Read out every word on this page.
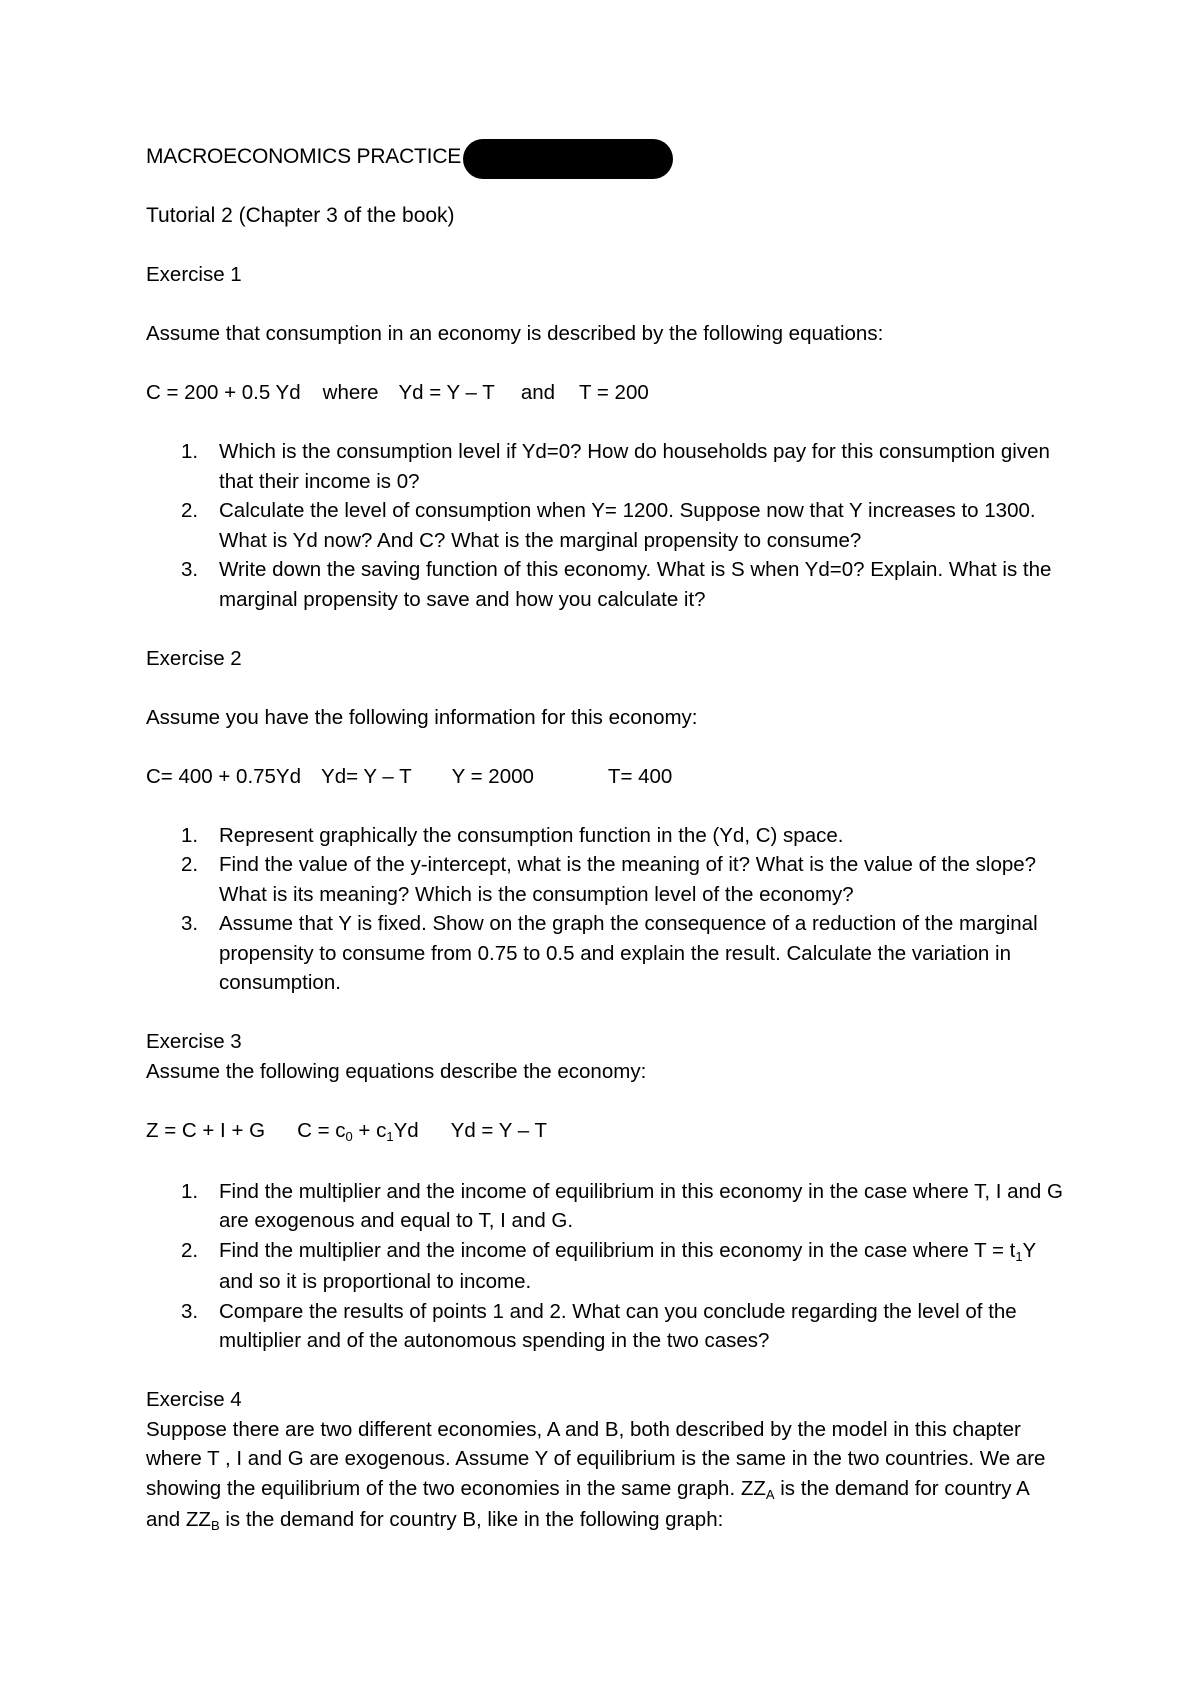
MACROECONOMICS PRACTICE

Tutorial 2 (Chapter 3 of the book)

Exercise 1

Assume that consumption in an economy is described by the following equations:

C = 200 + 0.5 Yd where Yd = Y – T and T = 200

1.	Which is the consumption level if Yd=0? How do households pay for this consumption given that their income is 0?
2.	Calculate the level of consumption when Y= 1200. Suppose now that Y increases to 1300. What is Yd now? And C? What is the marginal propensity to consume?
3.	Write down the saving function of this economy. What is S when Yd=0? Explain. What is the marginal propensity to save and how you calculate it?

Exercise 2

Assume you have the following information for this economy:

C= 400 + 0.75Yd Yd= Y – T Y = 2000	T= 400

1.	Represent graphically the consumption function in the (Yd, C) space.
2.	Find the value of the y-intercept, what is the meaning of it? What is the value of the slope? What is its meaning? Which is the consumption level of the economy?
3.	Assume that Y is fixed. Show on the graph the consequence of a reduction of the marginal propensity to consume from 0.75 to 0.5 and explain the result. Calculate the variation in consumption.

Exercise 3

Assume the following equations describe the economy:

Z = C + I + G $C = c_0 + c_1Yd$ Yd = Y – T

1.	Find the multiplier and the income of equilibrium in this economy in the case where T, I and G are exogenous and equal to T, I and G.
2.	Find the multiplier and the income of equilibrium in this economy in the case where $T = t_1Y$ and so it is proportional to income.
3.	Compare the results of points 1 and 2. What can you conclude regarding the level of the multiplier and of the autonomous spending in the two cases?

Exercise 4

Suppose there are two different economies, A and B, both described by the model in this chapter where T , I and G are exogenous. Assume Y of equilibrium is the same in the two countries. We are showing the equilibrium of the two economies in the same graph. $ZZ_A$ is the demand for country A and $ZZ_B$ is the demand for country B, like in the following graph:
